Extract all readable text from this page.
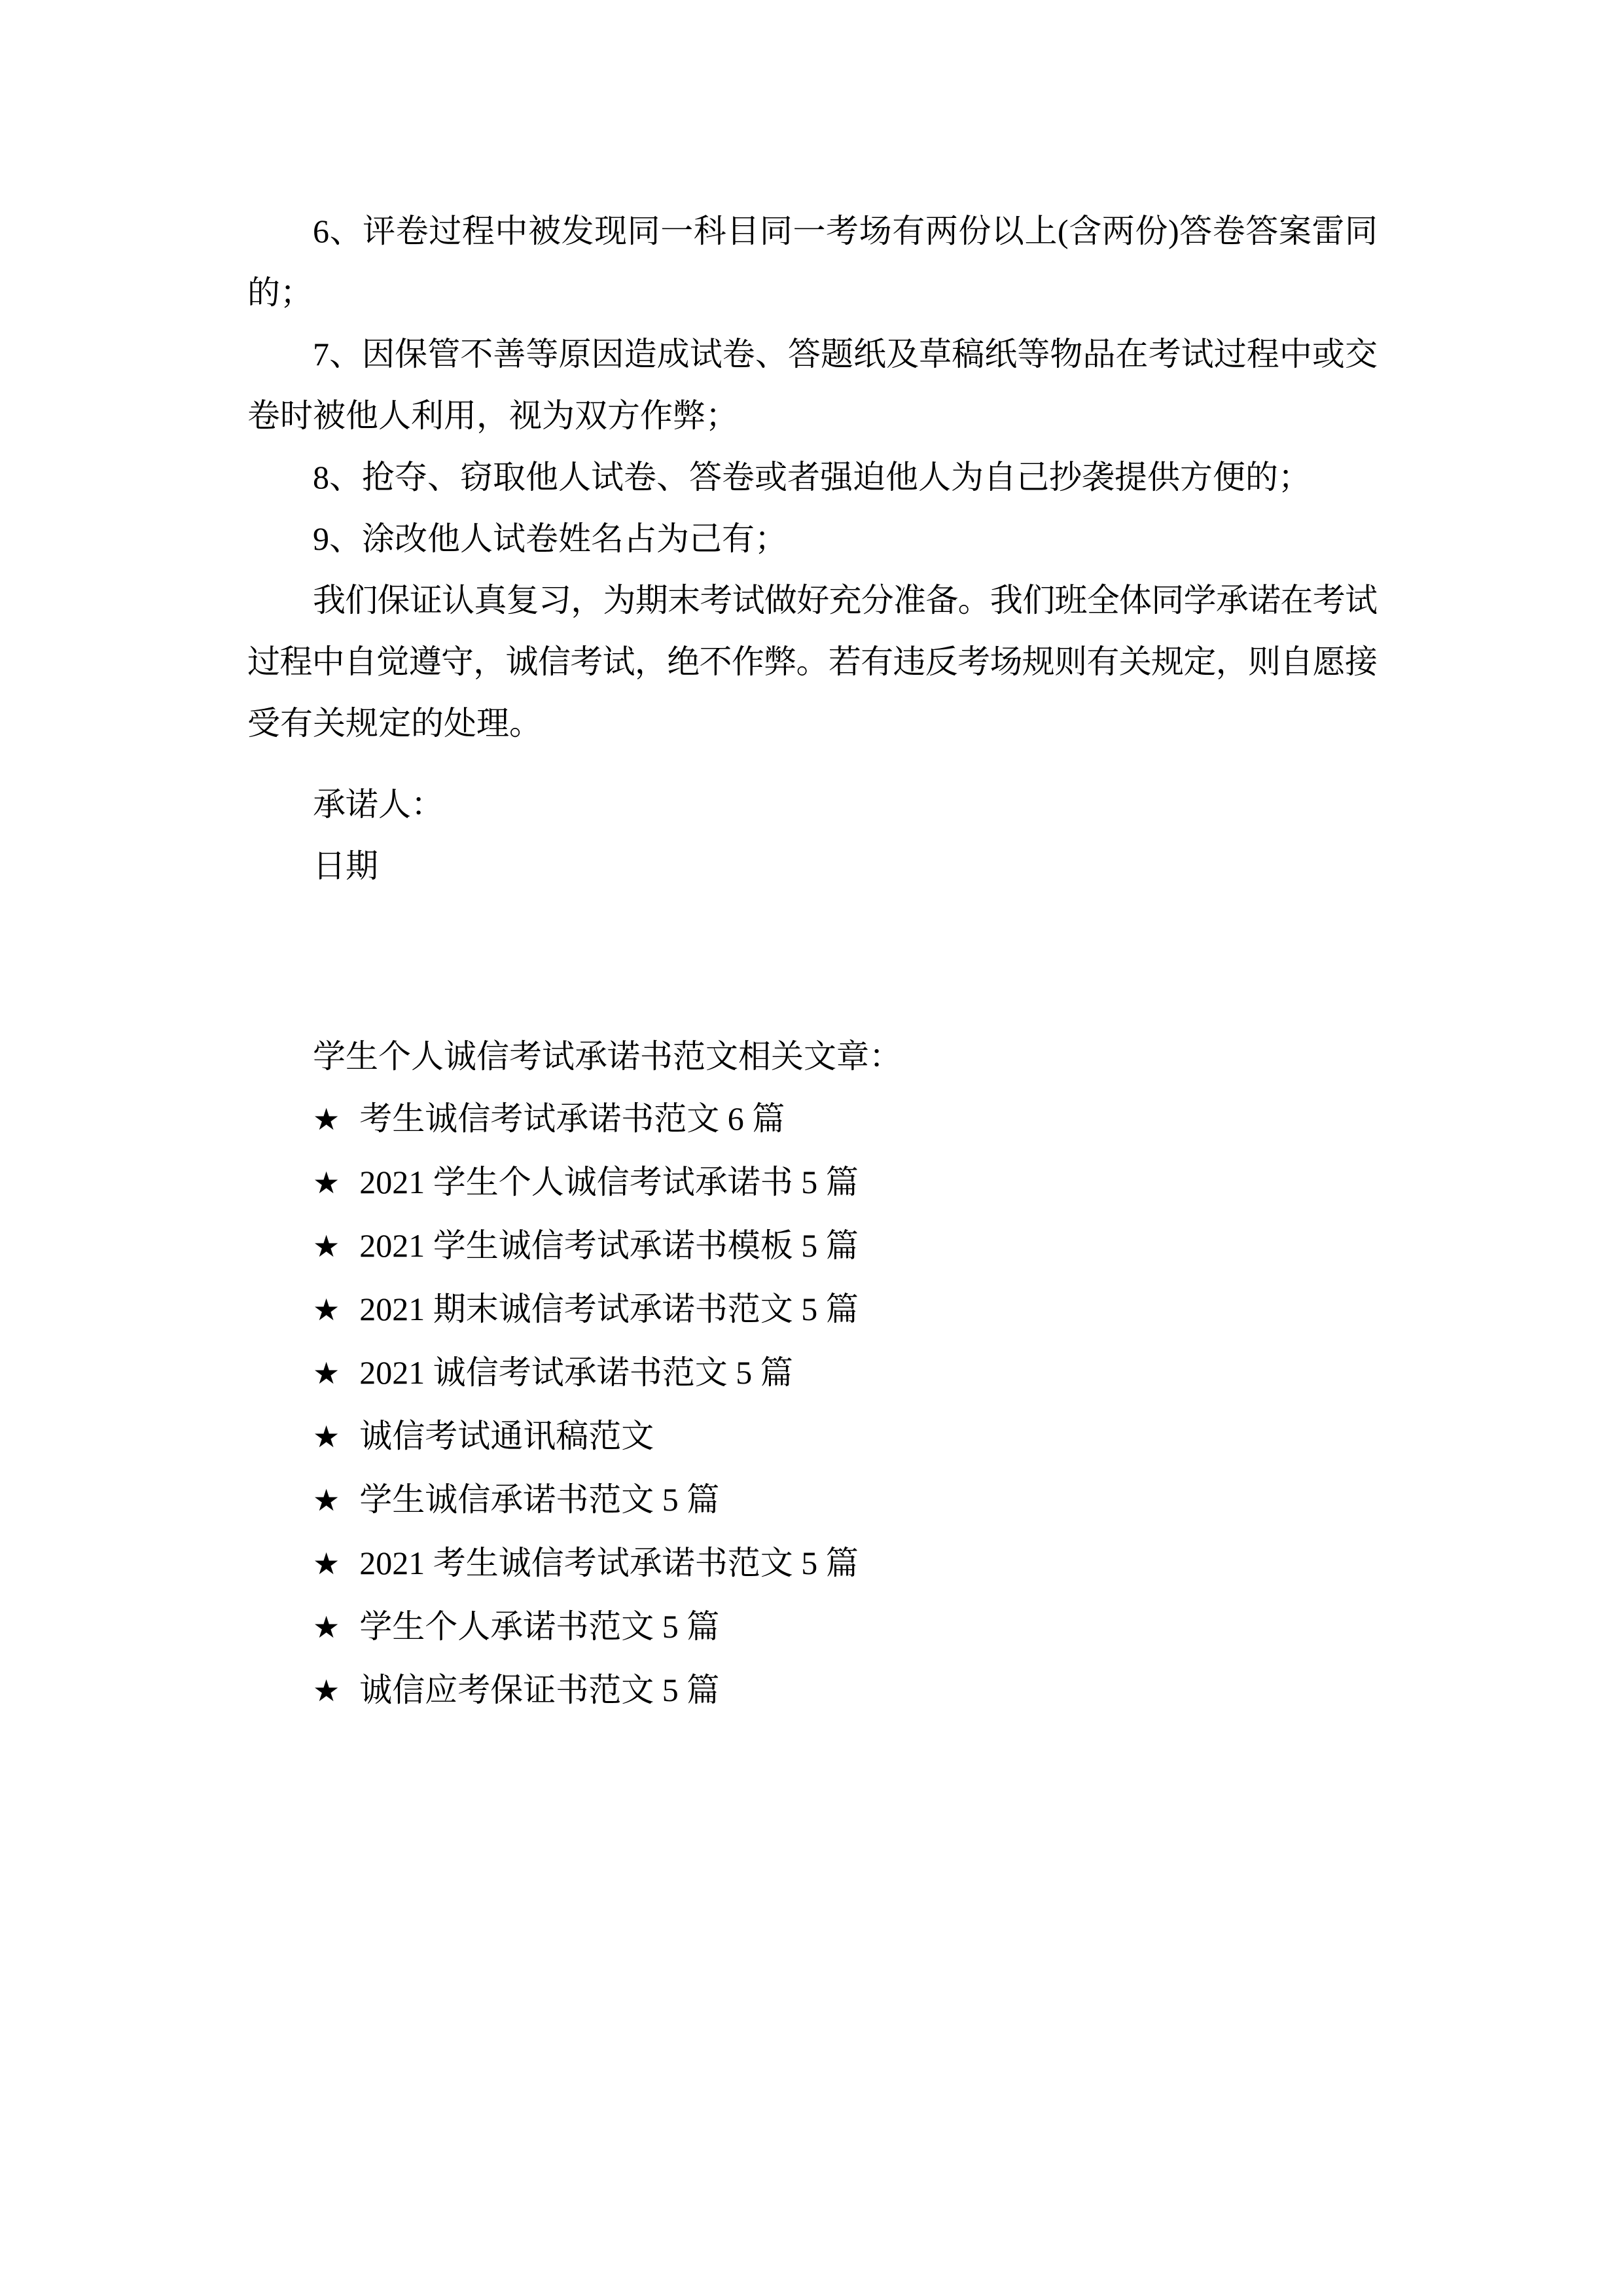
6、评卷过程中被发现同一科目同一考场有两份以上(含两份)答卷答案雷同
的；
7、因保管不善等原因造成试卷、答题纸及草稿纸等物品在考试过程中或交
卷时被他人利用，视为双方作弊；
8、抢夺、窃取他人试卷、答卷或者强迫他人为自己抄袭提供方便的；
9、涂改他人试卷姓名占为己有；
我们保证认真复习，为期末考试做好充分准备。我们班全体同学承诺在考试
过程中自觉遵守，诚信考试，绝不作弊。若有违反考场规则有关规定，则自愿接
受有关规定的处理。
承诺人：
日期
学生个人诚信考试承诺书范文相关文章：
★ 考生诚信考试承诺书范文 6 篇
★ 2021 学生个人诚信考试承诺书 5 篇
★ 2021 学生诚信考试承诺书模板 5 篇
★ 2021 期末诚信考试承诺书范文 5 篇
★ 2021 诚信考试承诺书范文 5 篇
★ 诚信考试通讯稿范文
★ 学生诚信承诺书范文 5 篇
★ 2021 考生诚信考试承诺书范文 5 篇
★ 学生个人承诺书范文 5 篇
★ 诚信应考保证书范文 5 篇
